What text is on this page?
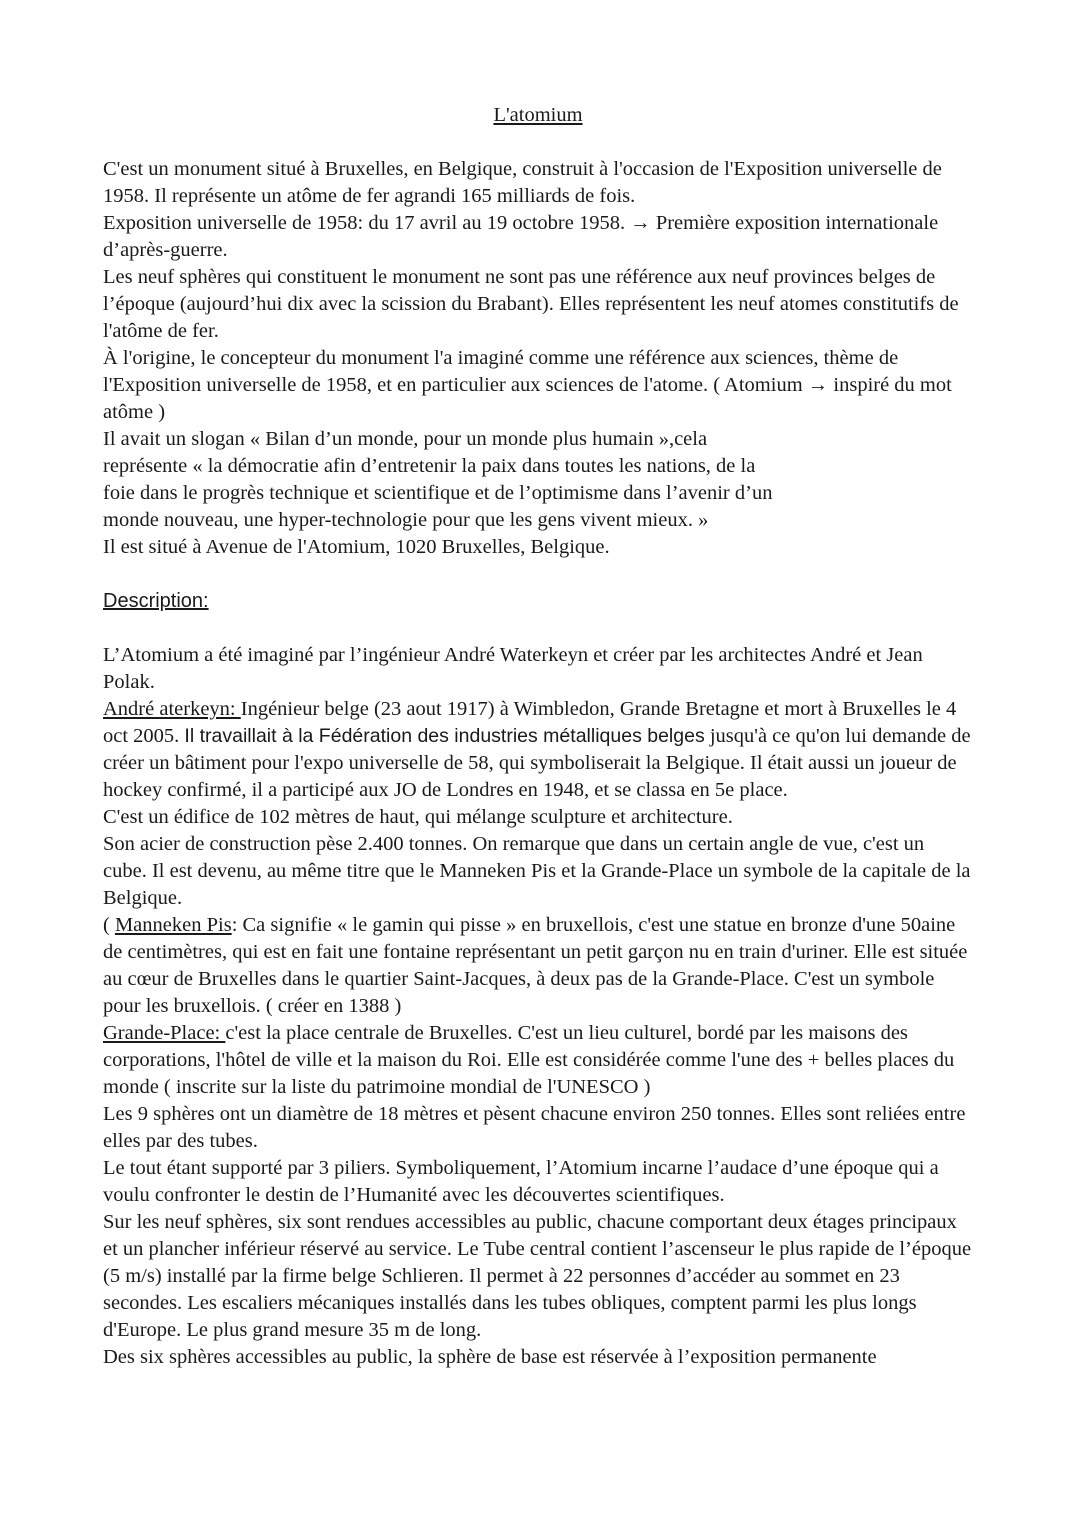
L'atomium

C'est un monument situé à Bruxelles, en Belgique, construit à l'occasion de l'Exposition universelle de 1958. Il représente un atôme de fer agrandi 165 milliards de fois.

Exposition universelle de 1958: du 17 avril au 19 octobre 1958. → Première exposition internationale d’après-guerre.

Les neuf sphères qui constituent le monument ne sont pas une référence aux neuf provinces belges de l’époque (aujourd’hui dix avec la scission du Brabant). Elles représentent les neuf atomes constitutifs de l'atôme de fer.

À l'origine, le concepteur du monument l'a imaginé comme une référence aux sciences, thème de l'Exposition universelle de 1958, et en particulier aux sciences de l'atome. ( Atomium → inspiré du mot atôme )

Il avait un slogan « Bilan d’un monde, pour un monde plus humain »,cela

représente « la démocratie afin d’entretenir la paix dans toutes les nations, de la

foie dans le progrès technique et scientifique et de l’optimisme dans l’avenir d’un

monde nouveau, une hyper-technologie pour que les gens vivent mieux. »

Il est situé à Avenue de l'Atomium, 1020 Bruxelles, Belgique.

Description:

L’Atomium a été imaginé par l’ingénieur André Waterkeyn et créer par les architectes André et Jean Polak.

André aterkeyn: Ingénieur belge (23 aout 1917) à Wimbledon, Grande Bretagne et mort à Bruxelles le 4 oct 2005. Il travaillait à la Fédération des industries métalliques belges jusqu'à ce qu'on lui demande de créer un bâtiment pour l'expo universelle de 58, qui symboliserait la Belgique. Il était aussi un joueur de hockey confirmé, il a participé aux JO de Londres en 1948, et se classa en 5e place.

C'est un édifice de 102 mètres de haut, qui mélange sculpture et architecture.

Son acier de construction pèse 2.400 tonnes. On remarque que dans un certain angle de vue, c'est un cube. Il est devenu, au même titre que le Manneken Pis et la Grande-Place un symbole de la capitale de la Belgique.

( Manneken Pis: Ca signifie « le gamin qui pisse » en bruxellois, c'est une statue en bronze d'une 50aine de centimètres, qui est en fait une fontaine représentant un petit garçon nu en train d'uriner. Elle est située au cœur de Bruxelles dans le quartier Saint-Jacques, à deux pas de la Grande-Place. C'est un symbole pour les bruxellois. ( créer en 1388 )

Grande-Place: c'est la place centrale de Bruxelles. C'est un lieu culturel, bordé par les maisons des corporations, l'hôtel de ville et la maison du Roi. Elle est considérée comme l'une des + belles places du monde ( inscrite sur la liste du patrimoine mondial de l'UNESCO )

Les 9 sphères ont un diamètre de 18 mètres et pèsent chacune environ 250 tonnes. Elles sont reliées entre elles par des tubes.

Le tout étant supporté par 3 piliers. Symboliquement, l’Atomium incarne l’audace d’une époque qui a voulu confronter le destin de l’Humanité avec les découvertes scientifiques.

Sur les neuf sphères, six sont rendues accessibles au public, chacune comportant deux étages principaux et un plancher inférieur réservé au service. Le Tube central contient l’ascenseur le plus rapide de l’époque (5 m/s) installé par la firme belge Schlieren. Il permet à 22 personnes d’accéder au sommet en 23 secondes. Les escaliers mécaniques installés dans les tubes obliques, comptent parmi les plus longs d'Europe. Le plus grand mesure 35 m de long.

Des six sphères accessibles au public, la sphère de base est réservée à l’exposition permanente
